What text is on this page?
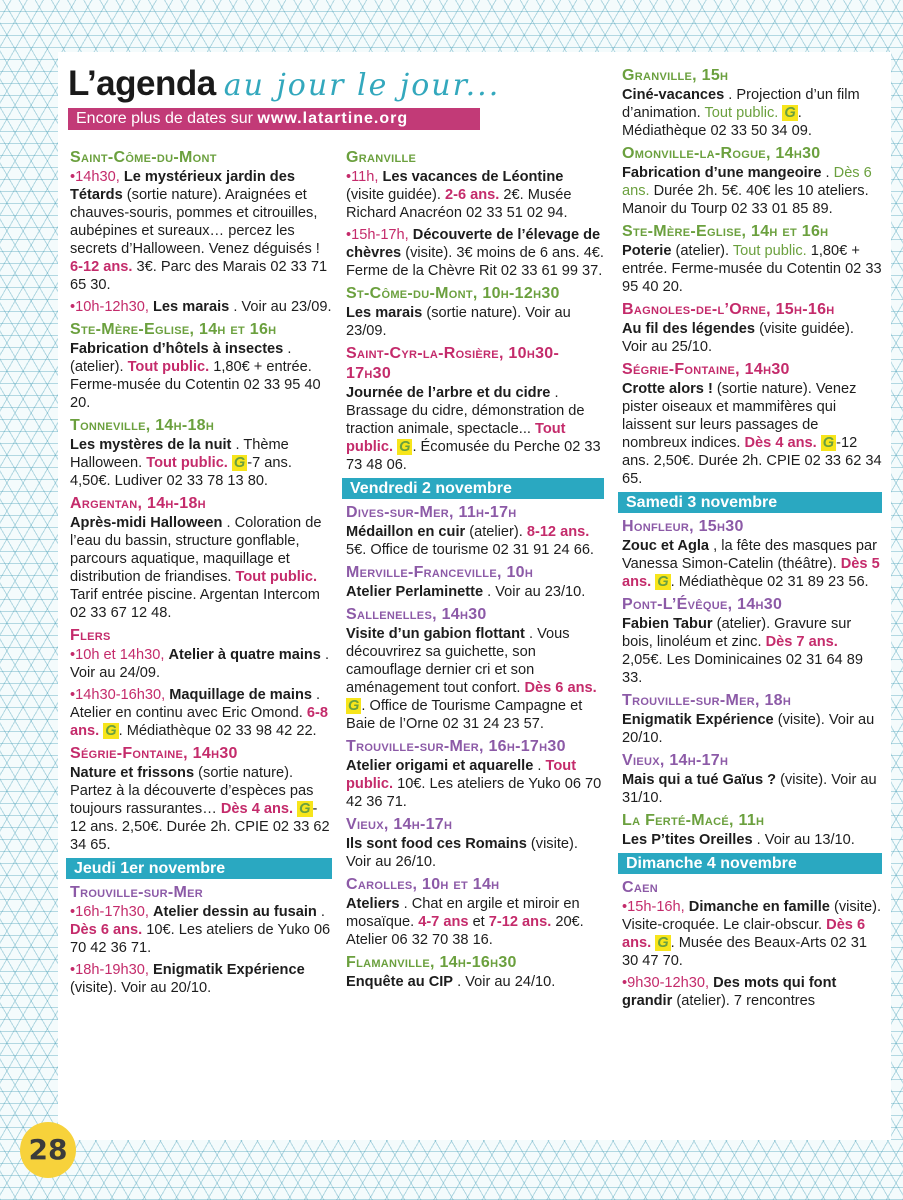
L’agenda au jour le jour...
Encore plus de dates sur www.latartine.org
Saint-Côme-du-Mont
•14h30, Le mystérieux jardin des Tétards (sortie nature). Araignées et chauves-souris, pommes et citrouilles, aubépines et sureaux… percez les secrets d’Halloween. Venez déguisés ! 6-12 ans. 3€. Parc des Marais 02 33 71 65 30.
•10h-12h30, Les marais . Voir au 23/09.
Ste-Mère-Eglise, 14h et 16h
Fabrication d’hôtels à insectes . (atelier). Tout public. 1,80€ + entrée. Ferme-musée du Cotentin 02 33 95 40 20.
Tonneville, 14h-18h
Les mystères de la nuit . Thème Halloween. Tout public. G -7 ans. 4,50€. Ludiver 02 33 78 13 80.
Argentan, 14h-18h
Après-midi Halloween . Coloration de l’eau du bassin, structure gonflable, parcours aquatique, maquillage et distribution de friandises. Tout public. Tarif entrée piscine. Argentan Intercom 02 33 67 12 48.
Flers
•10h et 14h30, Atelier à quatre mains . Voir au 24/09.
•14h30-16h30, Maquillage de mains . Atelier en continu avec Eric Omond. 6-8 ans. G . Médiathèque 02 33 98 42 22.
Ségrie-Fontaine, 14h30
Nature et frissons (sortie nature). Partez à la découverte d’espèces pas toujours rassurantes… Dès 4 ans. G -12 ans. 2,50€. Durée 2h. CPIE 02 33 62 34 65.
Jeudi 1er novembre
Trouville-sur-Mer
•16h-17h30, Atelier dessin au fusain . Dès 6 ans. 10€. Les ateliers de Yuko 06 70 42 36 71.
•18h-19h30, Enigmatik Expérience (visite). Voir au 20/10.
Granville
•11h, Les vacances de Léontine (visite guidée). 2-6 ans. 2€. Musée Richard Anacréon 02 33 51 02 94.
•15h-17h, Découverte de l’élevage de chèvres (visite). 3€ moins de 6 ans. 4€. Ferme de la Chèvre Rit 02 33 61 99 37.
St-Côme-du-Mont, 10h-12h30
Les marais (sortie nature). Voir au 23/09.
Saint-Cyr-la-Rosière, 10h30-17h30
Journée de l’arbre et du cidre . Brassage du cidre, démonstration de traction animale, spectacle... Tout public. G . Écomusée du Perche 02 33 73 48 06.
Vendredi 2 novembre
Dives-sur-Mer, 11h-17h
Médaillon en cuir (atelier). 8-12 ans. 5€. Office de tourisme 02 31 91 24 66.
Merville-Franceville, 10h
Atelier Perlaminette . Voir au 23/10.
Sallenelles, 14h30
Visite d’un gabion flottant . Vous découvrirez sa guichette, son camouflage dernier cri et son aménagement tout confort. Dès 6 ans. G . Office de Tourisme Campagne et Baie de l’Orne 02 31 24 23 57.
Trouville-sur-Mer, 16h-17h30
Atelier origami et aquarelle . Tout public. 10€. Les ateliers de Yuko 06 70 42 36 71.
Vieux, 14h-17h
Ils sont food ces Romains (visite). Voir au 26/10.
Carolles, 10h et 14h
Ateliers . Chat en argile et miroir en mosaïque. 4-7 ans et 7-12 ans. 20€. Atelier 06 32 70 38 16.
Flamanville, 14h-16h30
Enquête au CIP . Voir au 24/10.
Granville, 15h
Ciné-vacances . Projection d’un film d’animation. Tout public. G . Médiathèque 02 33 50 34 09.
Omonville-la-Rogue, 14h30
Fabrication d’une mangeoire . Dès 6 ans. Durée 2h. 5€. 40€ les 10 ateliers. Manoir du Tourp 02 33 01 85 89.
Ste-Mère-Eglise, 14h et 16h
Poterie (atelier). Tout public. 1,80€ + entrée. Ferme-musée du Cotentin 02 33 95 40 20.
Bagnoles-de-l’Orne, 15h-16h
Au fil des légendes (visite guidée). Voir au 25/10.
Ségrie-Fontaine, 14h30
Crotte alors ! (sortie nature). Venez pister oiseaux et mammifères qui laissent sur leurs passages de nombreux indices. Dès 4 ans. G -12 ans. 2,50€. Durée 2h. CPIE 02 33 62 34 65.
Samedi 3 novembre
Honfleur, 15h30
Zouc et Agla , la fête des masques par Vanessa Simon-Catelin (théâtre). Dès 5 ans. G . Médiathèque 02 31 89 23 56.
Pont-L’Évêque, 14h30
Fabien Tabur (atelier). Gravure sur bois, linoléum et zinc. Dès 7 ans. 2,05€. Les Dominicaines 02 31 64 89 33.
Trouville-sur-Mer, 18h
Enigmatik Expérience (visite). Voir au 20/10.
Vieux, 14h-17h
Mais qui a tué Gaïus ? (visite). Voir au 31/10.
La Ferté-Macé, 11h
Les P’tites Oreilles . Voir au 13/10.
Dimanche 4 novembre
Caen
•15h-16h, Dimanche en famille (visite). Visite-croquée. Le clair-obscur. Dès 6 ans. G . Musée des Beaux-Arts 02 31 30 47 70.
•9h30-12h30, Des mots qui font grandir (atelier). 7 rencontres
28
